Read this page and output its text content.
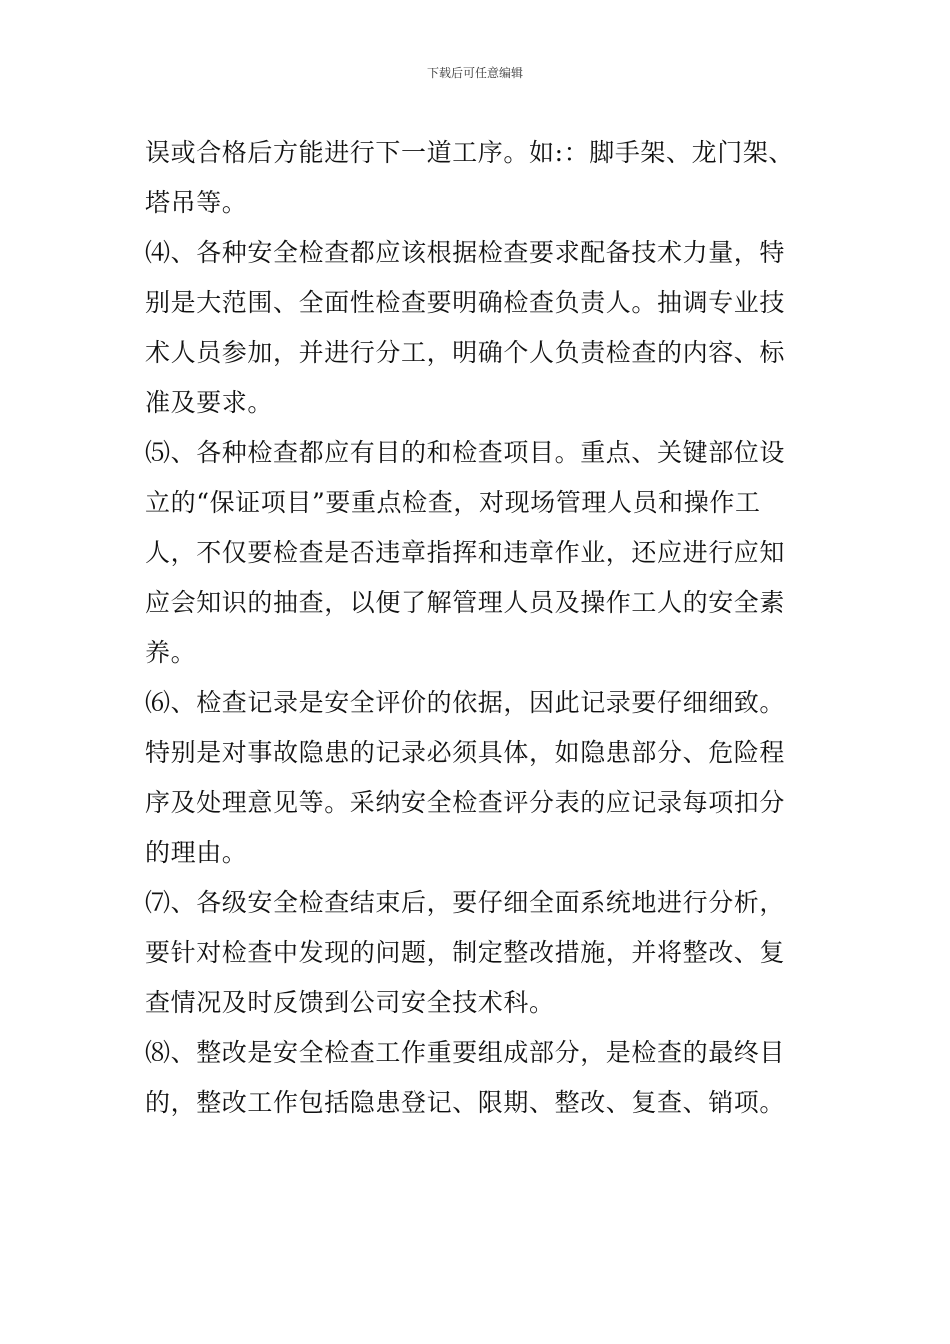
下载后可任意编辑
误或合格后方能进行下一道工序。如:：脚手架、龙门架、
塔吊等。
⑷、各种安全检查都应该根据检查要求配备技术力量，特
别是大范围、全面性检查要明确检查负责人。抽调专业技
术人员参加，并进行分工，明确个人负责检查的内容、标
准及要求。
⑸、各种检查都应有目的和检查项目。重点、关键部位设
立的“保证项目”要重点检查，对现场管理人员和操作工
人，不仅要检查是否违章指挥和违章作业，还应进行应知
应会知识的抽查，以便了解管理人员及操作工人的安全素
养。
⑹、检查记录是安全评价的依据，因此记录要仔细细致。
特别是对事故隐患的记录必须具体，如隐患部分、危险程
序及处理意见等。采纳安全检查评分表的应记录每项扣分
的理由。
⑺、各级安全检查结束后，要仔细全面系统地进行分析，
要针对检查中发现的问题，制定整改措施，并将整改、复
查情况及时反馈到公司安全技术科。
⑻、整改是安全检查工作重要组成部分，是检查的最终目
的，整改工作包括隐患登记、限期、整改、复查、销项。
